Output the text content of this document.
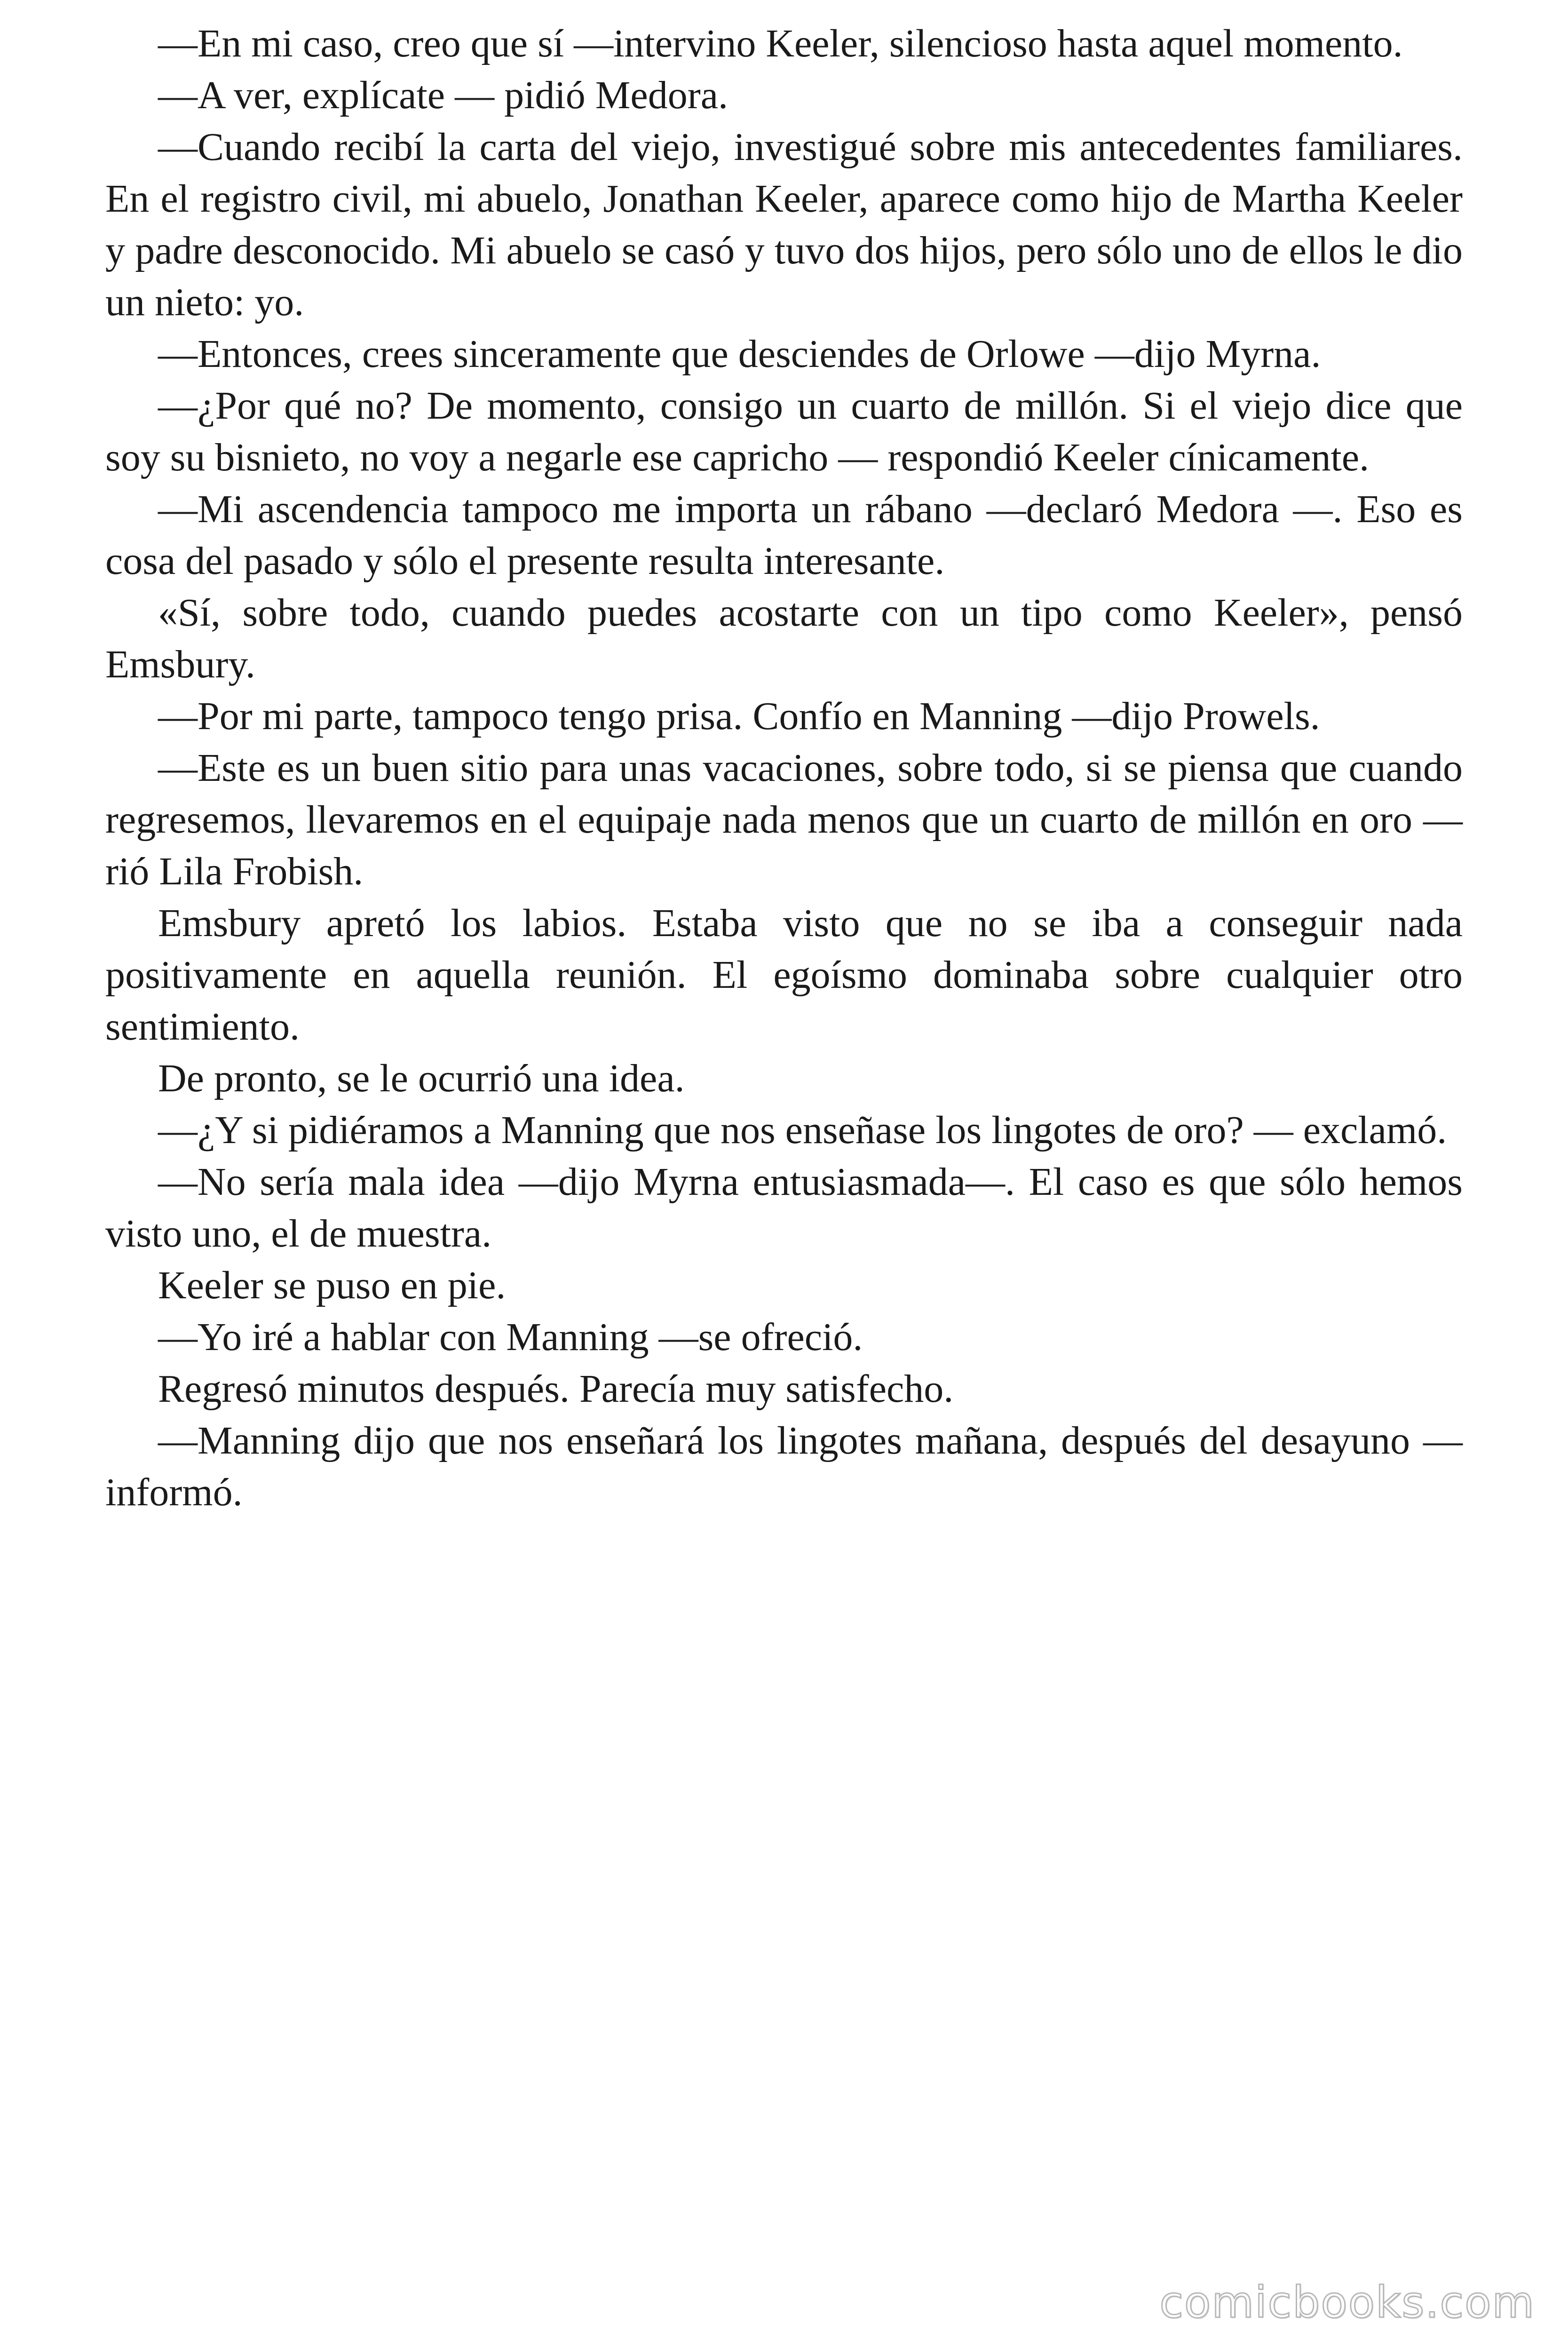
—En mi caso, creo que sí —intervino Keeler, silencioso hasta aquel momento.

—A ver, explícate — pidió Medora.

—Cuando recibí la carta del viejo, investigué sobre mis antecedentes familiares. En el registro civil, mi abuelo, Jonathan Keeler, aparece como hijo de Martha Keeler y padre desconocido. Mi abuelo se casó y tuvo dos hijos, pero sólo uno de ellos le dio un nieto: yo.

—Entonces, crees sinceramente que desciendes de Orlowe —dijo Myrna.

—¿Por qué no? De momento, consigo un cuarto de millón. Si el viejo dice que soy su bisnieto, no voy a negarle ese capricho — respondió Keeler cínicamente.

—Mi ascendencia tampoco me importa un rábano —declaró Medora —. Eso es cosa del pasado y sólo el presente resulta interesante.

«Sí, sobre todo, cuando puedes acostarte con un tipo como Keeler», pensó Emsbury.

—Por mi parte, tampoco tengo prisa. Confío en Manning —dijo Prowels.

—Este es un buen sitio para unas vacaciones, sobre todo, si se piensa que cuando regresemos, llevaremos en el equipaje nada menos que un cuarto de millón en oro —rió Lila Frobish.

Emsbury apretó los labios. Estaba visto que no se iba a conseguir nada positivamente en aquella reunión. El egoísmo dominaba sobre cualquier otro sentimiento.

De pronto, se le ocurrió una idea.

—¿Y si pidiéramos a Manning que nos enseñase los lingotes de oro? — exclamó.

—No sería mala idea —dijo Myrna entusiasmada—. El caso es que sólo hemos visto uno, el de muestra.

Keeler se puso en pie.

—Yo iré a hablar con Manning —se ofreció.

Regresó minutos después. Parecía muy satisfecho.

—Manning dijo que nos enseñará los lingotes mañana, después del desayuno —informó.

comicbooks.com
